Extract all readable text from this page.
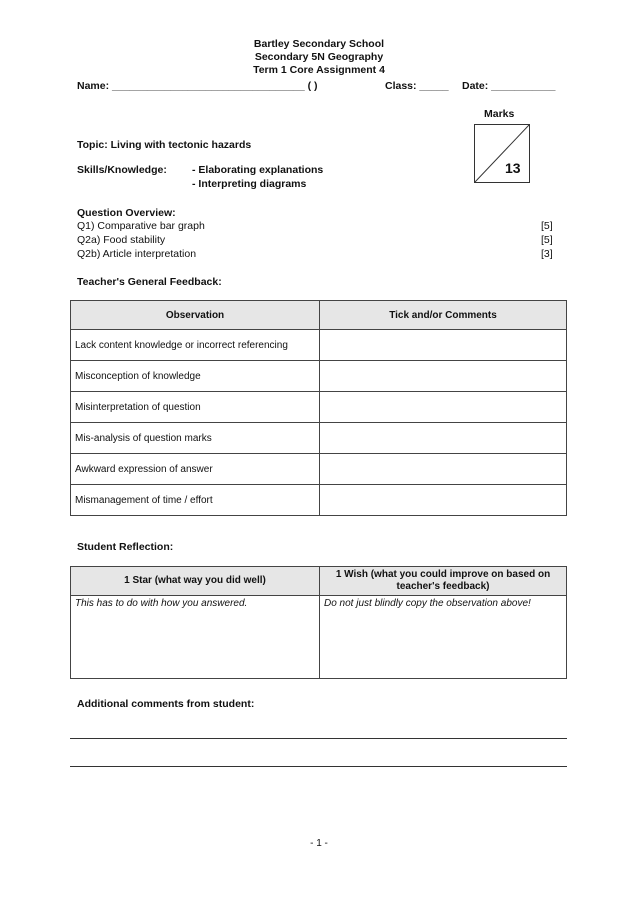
Bartley Secondary School
Secondary 5N Geography
Term 1 Core Assignment 4
Name: _________________________________ ( )	Class: _____ Date: ___________
Marks
13
Topic: Living with tectonic hazards
Skills/Knowledge: - Elaborating explanations
- Interpreting diagrams
Question Overview:
Q1) Comparative bar graph	[5]
Q2a) Food stability	[5]
Q2b) Article interpretation	[3]
Teacher's General Feedback:
Observation	Tick and/or Comments
Lack content knowledge or incorrect referencing	
Misconception of knowledge	
Misinterpretation of question	
Mis-analysis of question marks	
Awkward expression of answer	
Mismanagement of time / effort	
Student Reflection:
1 Star (what way you did well)	1 Wish (what you could improve on based on teacher's feedback)
This has to do with how you answered.	Do not just blindly copy the observation above!
Additional comments from student:
- 1 -
